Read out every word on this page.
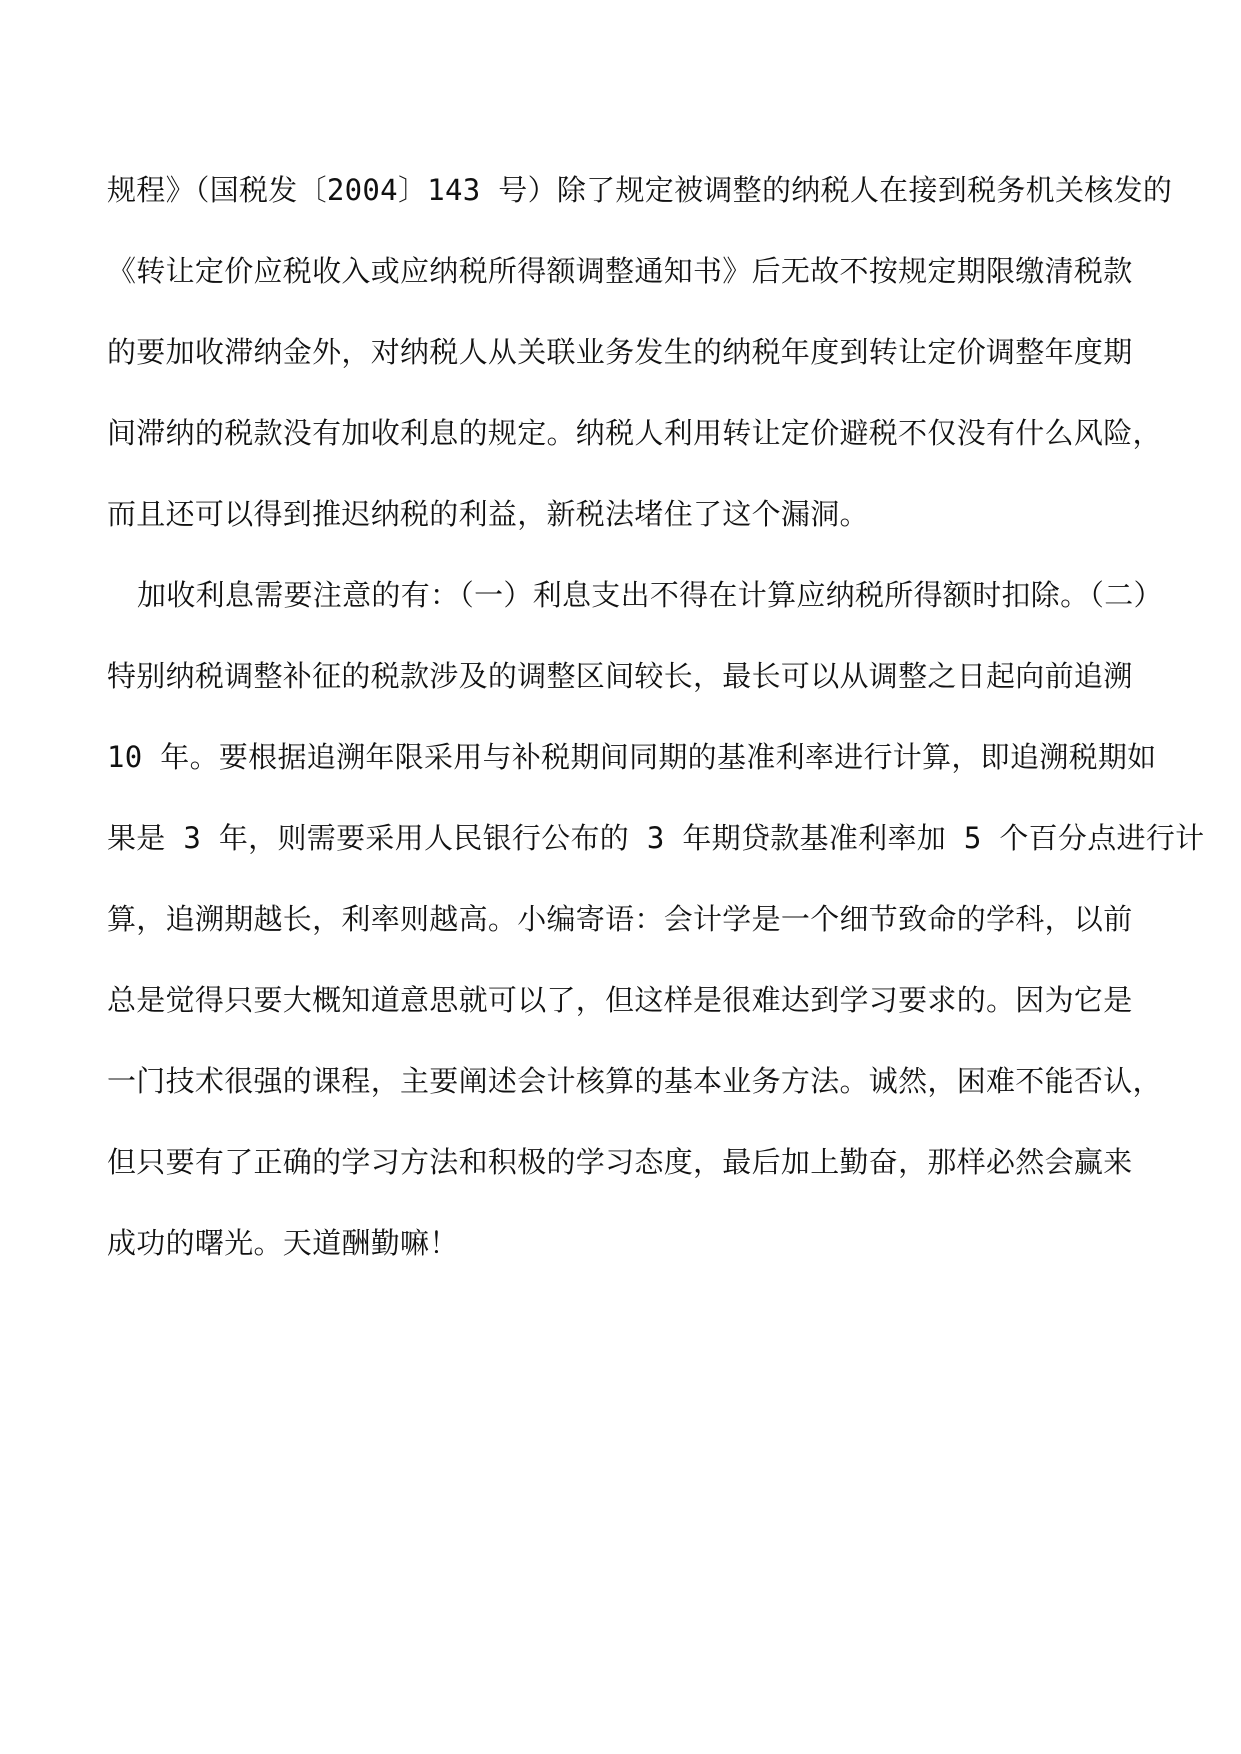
规程》（国税发〔2004〕143 号）除了规定被调整的纳税人在接到税务机关核发的
《转让定价应税收入或应纳税所得额调整通知书》后无故不按规定期限缴清税款
的要加收滞纳金外，对纳税人从关联业务发生的纳税年度到转让定价调整年度期
间滞纳的税款没有加收利息的规定。纳税人利用转让定价避税不仅没有什么风险，
而且还可以得到推迟纳税的利益，新税法堵住了这个漏洞。
加收利息需要注意的有：（一）利息支出不得在计算应纳税所得额时扣除。（二）
特别纳税调整补征的税款涉及的调整区间较长，最长可以从调整之日起向前追溯
10 年。要根据追溯年限采用与补税期间同期的基准利率进行计算，即追溯税期如
果是 3 年，则需要采用人民银行公布的 3 年期贷款基准利率加 5 个百分点进行计
算，追溯期越长，利率则越高。小编寄语：会计学是一个细节致命的学科，以前
总是觉得只要大概知道意思就可以了，但这样是很难达到学习要求的。因为它是
一门技术很强的课程，主要阐述会计核算的基本业务方法。诚然，困难不能否认，
但只要有了正确的学习方法和积极的学习态度，最后加上勤奋，那样必然会赢来
成功的曙光。天道酬勤嘛！
